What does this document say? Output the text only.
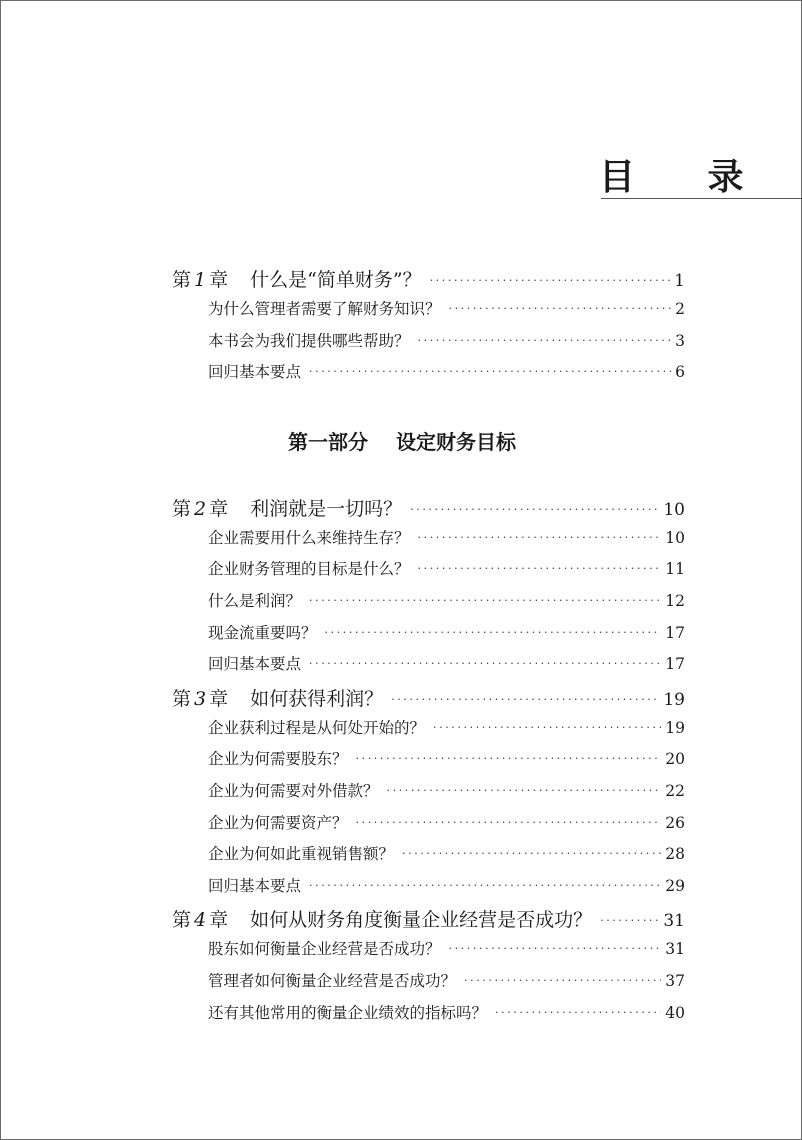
目 录
第 1 章 什么是“简单财务”？ ·····	1
为什么管理者需要了解财务知识？ ·····	2
本书会为我们提供哪些帮助？ ·····	3
回归基本要点 ·····	6
第一部分 设定财务目标
第 2 章 利润就是一切吗？ ·····	10
企业需要用什么来维持生存？ ·····	10
企业财务管理的目标是什么？ ·····	11
什么是利润？ ·····	12
现金流重要吗？ ·····	17
回归基本要点 ·····	17
第 3 章 如何获得利润？ ·····	19
企业获利过程是从何处开始的？ ·····	19
企业为何需要股东？ ·····	20
企业为何需要对外借款？ ·····	22
企业为何需要资产？ ·····	26
企业为何如此重视销售额？ ·····	28
回归基本要点 ·····	29
第 4 章 如何从财务角度衡量企业经营是否成功？ ·····	31
股东如何衡量企业经营是否成功？ ·····	31
管理者如何衡量企业经营是否成功？ ·····	37
还有其他常用的衡量企业绩效的指标吗？ ·····	40
